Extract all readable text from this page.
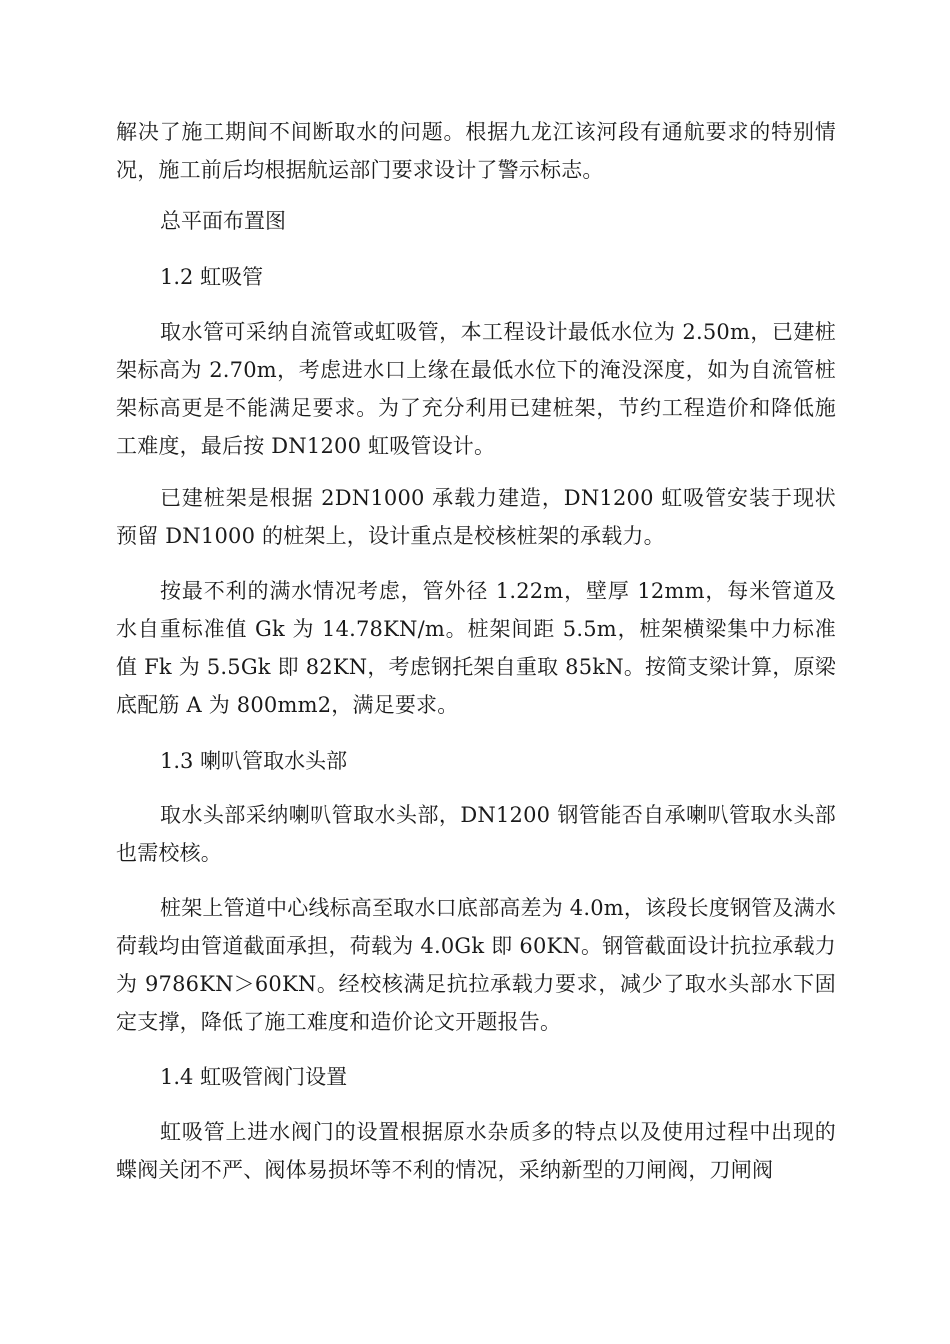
解决了施工期间不间断取水的问题。根据九龙江该河段有通航要求的特别情况，施工前后均根据航运部门要求设计了警示标志。

总平面布置图

1.2 虹吸管

取水管可采纳自流管或虹吸管，本工程设计最低水位为 2.50m，已建桩架标高为 2.70m，考虑进水口上缘在最低水位下的淹没深度，如为自流管桩架标高更是不能满足要求。为了充分利用已建桩架，节约工程造价和降低施工难度，最后按 DN1200 虹吸管设计。

已建桩架是根据 2DN1000 承载力建造，DN1200 虹吸管安装于现状预留 DN1000 的桩架上，设计重点是校核桩架的承载力。

按最不利的满水情况考虑，管外径 1.22m，壁厚 12mm，每米管道及水自重标准值 Gk 为 14.78KN/m。桩架间距 5.5m，桩架横梁集中力标准值 Fk 为 5.5Gk 即 82KN，考虑钢托架自重取 85kN。按简支梁计算，原梁底配筋 A 为 800mm2，满足要求。

1.3 喇叭管取水头部

取水头部采纳喇叭管取水头部，DN1200 钢管能否自承喇叭管取水头部也需校核。

桩架上管道中心线标高至取水口底部高差为 4.0m，该段长度钢管及满水荷载均由管道截面承担，荷载为 4.0Gk 即 60KN。钢管截面设计抗拉承载力为 9786KN＞60KN。经校核满足抗拉承载力要求，减少了取水头部水下固定支撑，降低了施工难度和造价论文开题报告。

1.4 虹吸管阀门设置

虹吸管上进水阀门的设置根据原水杂质多的特点以及使用过程中出现的蝶阀关闭不严、阀体易损坏等不利的情况，采纳新型的刀闸阀，刀闸阀
